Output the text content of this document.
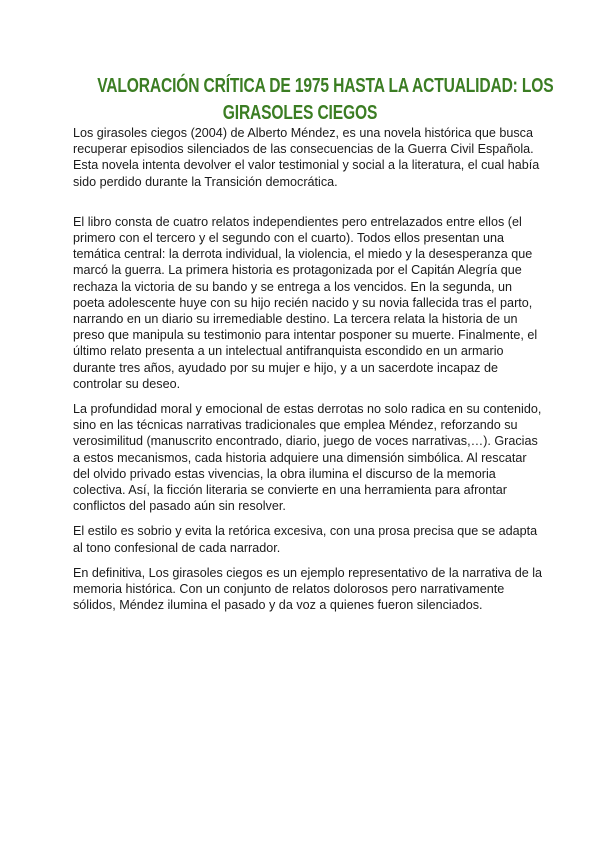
VALORACIÓN CRÍTICA DE 1975 HASTA LA ACTUALIDAD: LOS
GIRASOLES CIEGOS

Los girasoles ciegos (2004) de Alberto Méndez, es una novela histórica que busca
recuperar episodios silenciados de las consecuencias de la Guerra Civil Española.
Esta novela intenta devolver el valor testimonial y social a la literatura, el cual había
sido perdido durante la Transición democrática.

El libro consta de cuatro relatos independientes pero entrelazados entre ellos (el
primero con el tercero y el segundo con el cuarto). Todos ellos presentan una
temática central: la derrota individual, la violencia, el miedo y la desesperanza que
marcó la guerra. La primera historia es protagonizada por el Capitán Alegría que
rechaza la victoria de su bando y se entrega a los vencidos. En la segunda, un
poeta adolescente huye con su hijo recién nacido y su novia fallecida tras el parto,
narrando en un diario su irremediable destino. La tercera relata la historia de un
preso que manipula su testimonio para intentar posponer su muerte. Finalmente, el
último relato presenta a un intelectual antifranquista escondido en un armario
durante tres años, ayudado por su mujer e hijo, y a un sacerdote incapaz de
controlar su deseo.

La profundidad moral y emocional de estas derrotas no solo radica en su contenido,
sino en las técnicas narrativas tradicionales que emplea Méndez, reforzando su
verosimilitud (manuscrito encontrado, diario, juego de voces narrativas,…). Gracias
a estos mecanismos, cada historia adquiere una dimensión simbólica. Al rescatar
del olvido privado estas vivencias, la obra ilumina el discurso de la memoria
colectiva. Así, la ficción literaria se convierte en una herramienta para afrontar
conflictos del pasado aún sin resolver.

El estilo es sobrio y evita la retórica excesiva, con una prosa precisa que se adapta
al tono confesional de cada narrador.

En definitiva, Los girasoles ciegos es un ejemplo representativo de la narrativa de la
memoria histórica. Con un conjunto de relatos dolorosos pero narrativamente
sólidos, Méndez ilumina el pasado y da voz a quienes fueron silenciados.
